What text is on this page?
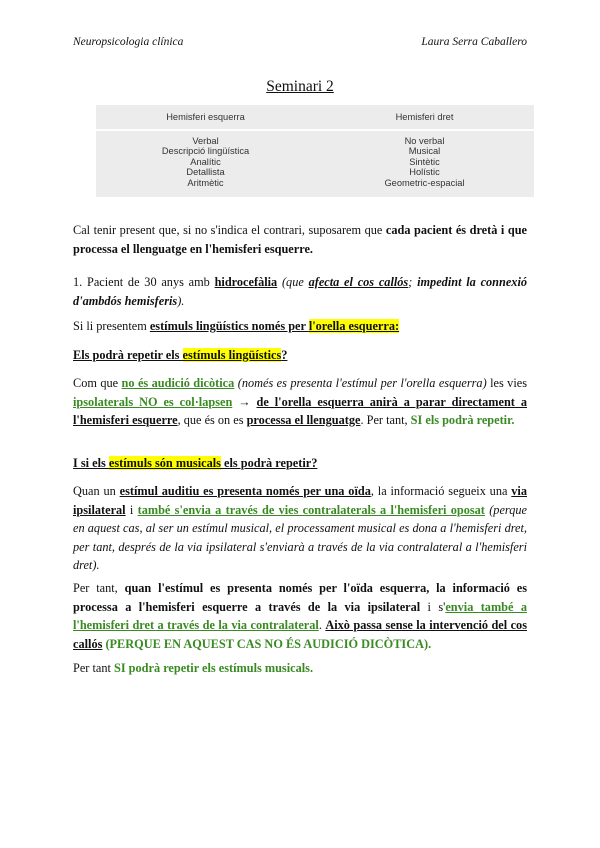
Neuropsicologia clínica	Laura Serra Caballero
Seminari 2
Hemisferi esquerra	Hemisferi dret
Verbal
Descripció lingüística
Analític
Detallista
Aritmètic
No verbal
Musical
Sintètic
Holístic
Geometric-espacial
Cal tenir present que, si no s'indica el contrari, suposarem que cada pacient és dretà i que processa el llenguatge en l'hemisferi esquerre.
1. Pacient de 30 anys amb hidrocefàlia (que afecta el cos callós; impedint la connexió d'ambdós hemisferis).
Si li presentem estímuls lingüístics només per l'orella esquerra:
Els podrà repetir els estímuls lingüístics?
Com que no és audició dicòtica (només es presenta l'estímul per l'orella esquerra) les vies ipsolaterals NO es col·lapsen → de l'orella esquerra anirà a parar directament a l'hemisferi esquerre, que és on es processa el llenguatge. Per tant, SI els podrà repetir.
I si els estímuls són musicals els podrà repetir?
Quan un estímul auditiu es presenta només per una oïda, la informació segueix una via ipsilateral i també s'envia a través de vies contralaterals a l'hemisferi oposat (perque en aquest cas, al ser un estímul musical, el processament musical es dona a l'hemisferi dret, per tant, després de la via ipsilateral s'enviarà a través de la via contralateral a l'hemisferi dret).
Per tant, quan l'estímul es presenta només per l'oïda esquerra, la informació es processa a l'hemisferi esquerre a través de la via ipsilateral i s'envia també a l'hemisferi dret a través de la via contralateral. Això passa sense la intervenció del cos callós (PERQUE EN AQUEST CAS NO ÉS AUDICIÓ DICÒTICA).
Per tant SI podrà repetir els estímuls musicals.
